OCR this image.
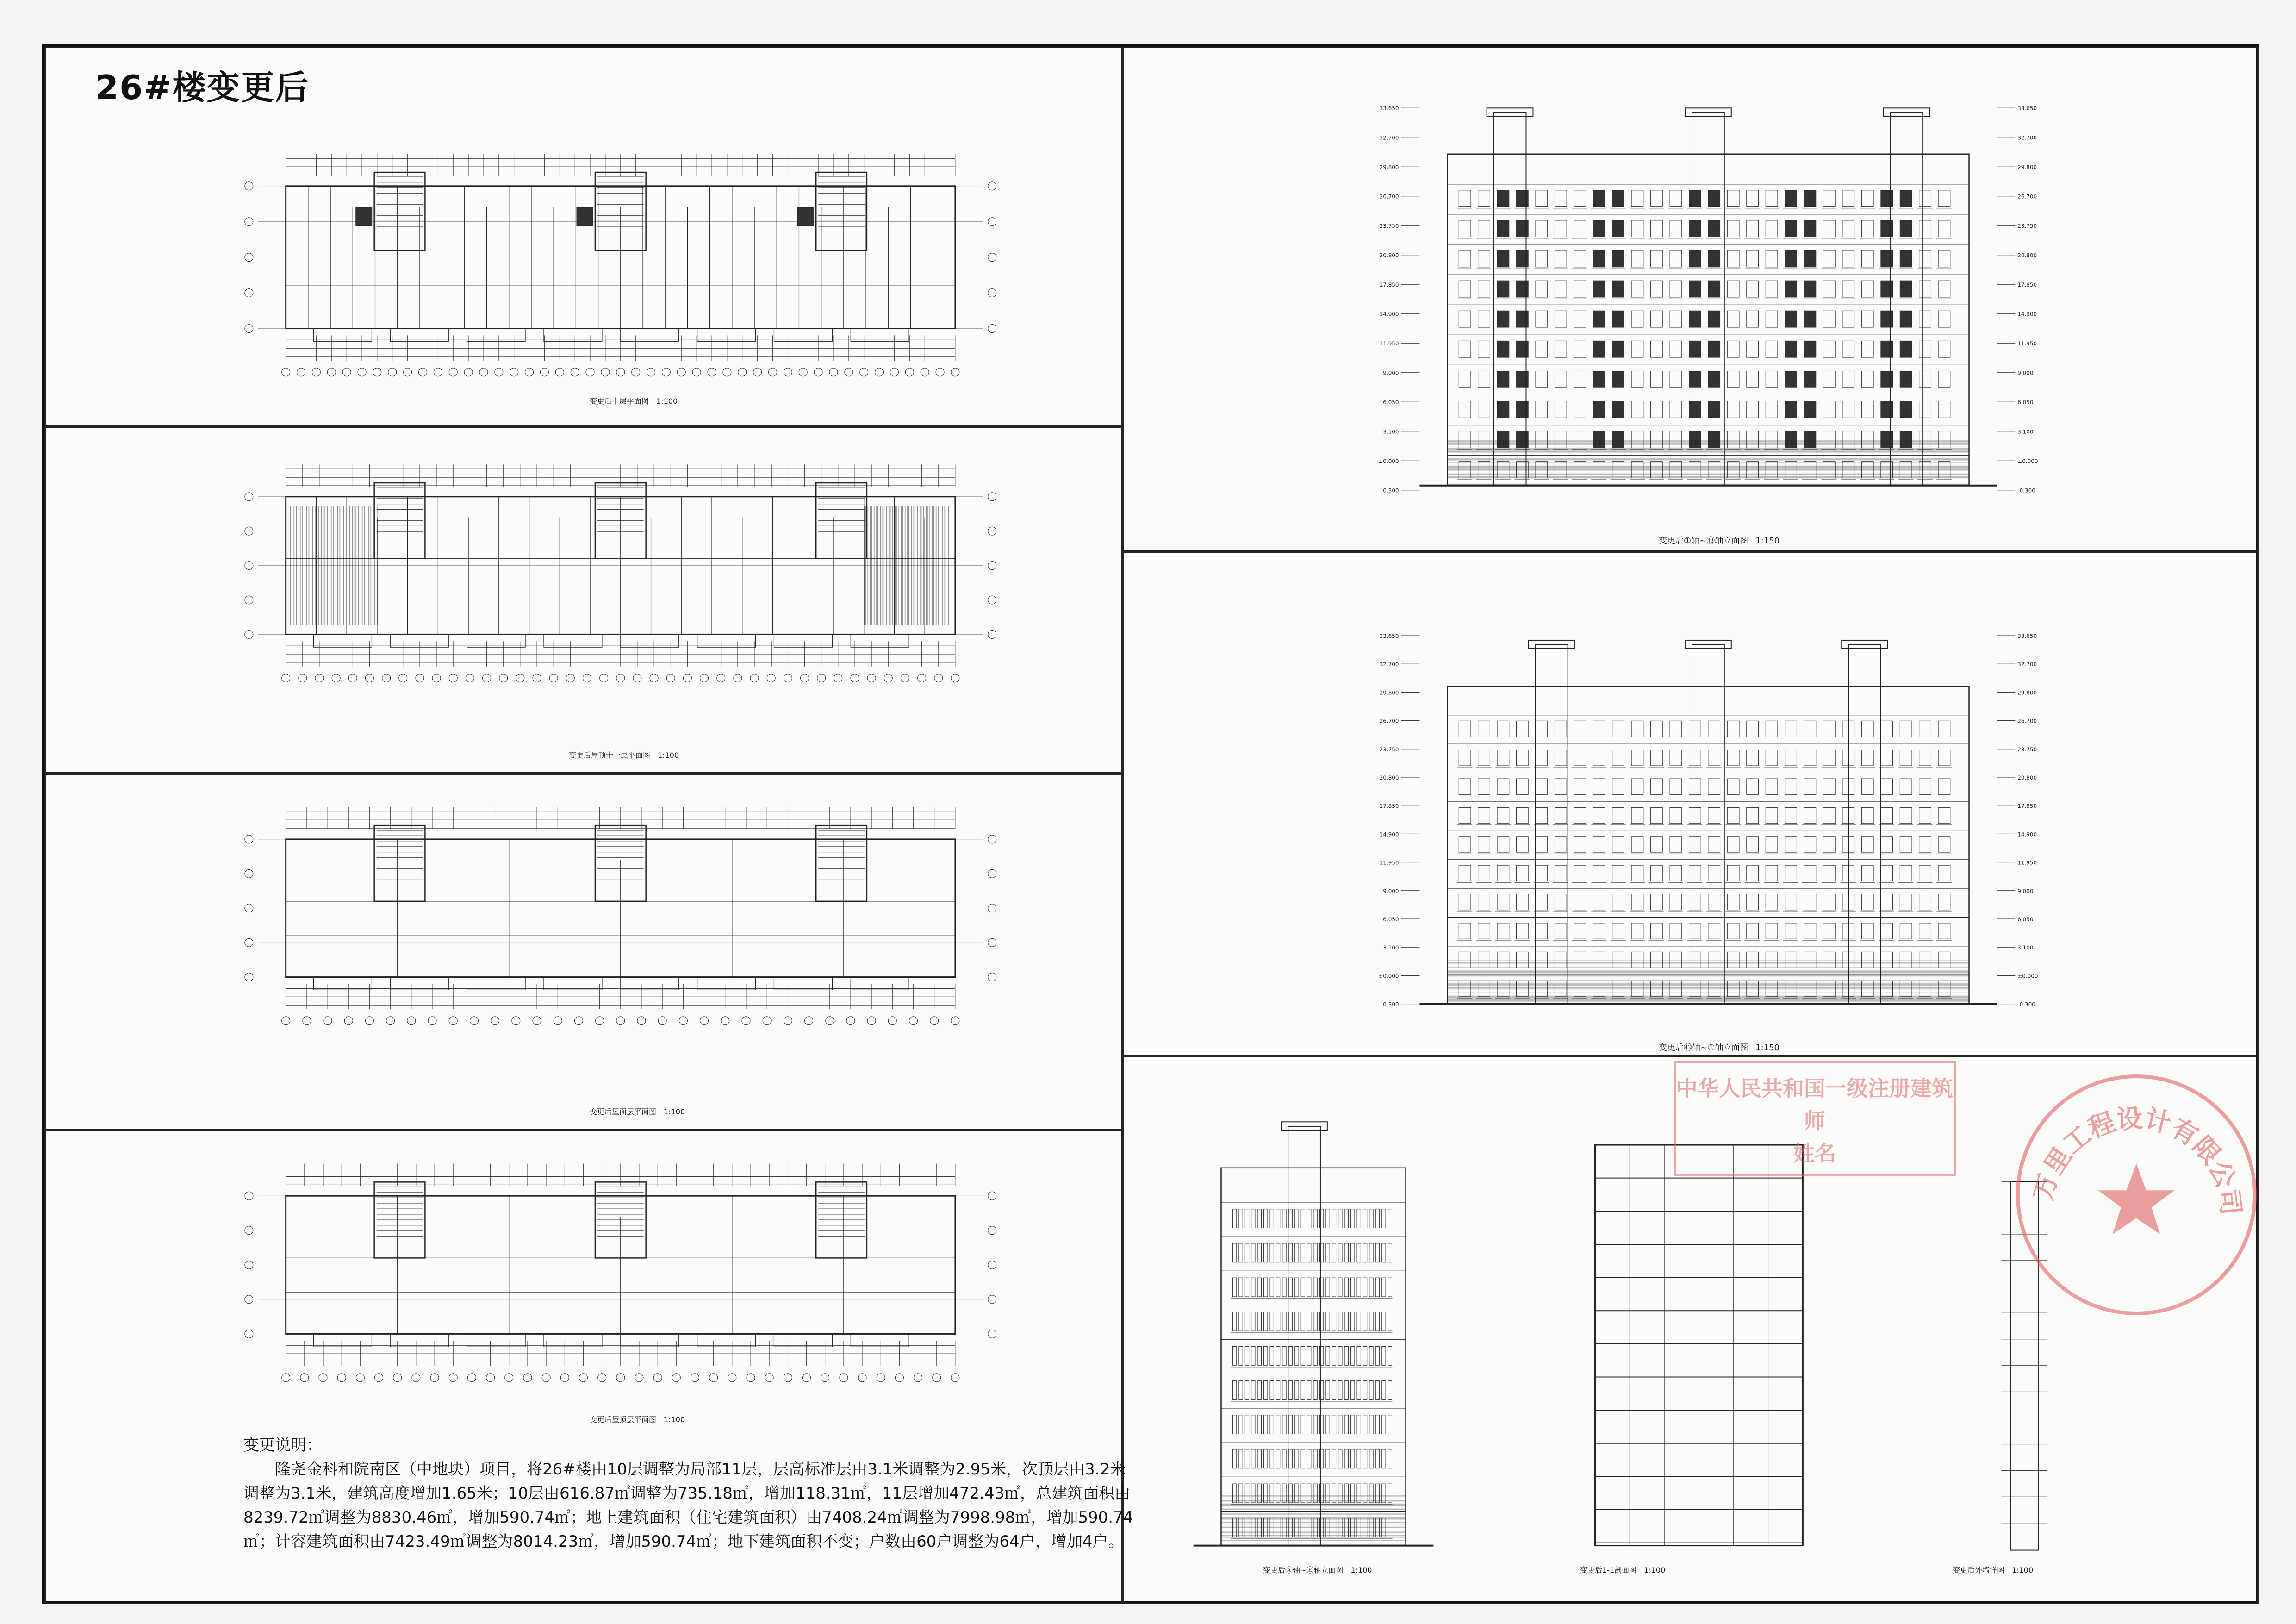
26#楼变更后
变更后十层平面图 1:100
变更后屋顶十一层平面图 1:100
变更后屋面层平面图 1:100
变更后屋顶层平面图 1:100
33.650
32.700
29.800
26.700
23.750
20.800
17.850
14.900
11.950
9.000
6.050
3.100
±0.000
-0.300
33.650
32.700
29.800
26.700
23.750
20.800
17.850
14.900
11.950
9.000
6.050
3.100
±0.000
-0.300
变更后①轴~㊸轴立面图 1:150
33.650
32.700
29.800
26.700
23.750
20.800
17.850
14.900
11.950
9.000
6.050
3.100
±0.000
-0.300
33.650
32.700
29.800
26.700
23.750
20.800
17.850
14.900
11.950
9.000
6.050
3.100
±0.000
-0.300
变更后㊸轴~①轴立面图 1:150
变更后Ⓐ轴~Ⓔ轴立面图 1:100	变更后1-1剖面图 1:100	变更后外墙详图 1:100
中华人民共和国一级注册建筑师
姓名
万里工程设计有限公司
变更说明：
隆尧金科和院南区（中地块）项目，将26#楼由10层调整为局部11层，层高标准层由3.1米调整为2.95米，次顶层由3.2米调整为3.1米，建筑高度增加1.65米；10层由616.87㎡调整为735.18㎡，增加118.31㎡，11层增加472.43㎡，总建筑面积由8239.72㎡调整为8830.46㎡，增加590.74㎡；地上建筑面积（住宅建筑面积）由7408.24㎡调整为7998.98㎡，增加590.74㎡；计容建筑面积由7423.49㎡调整为8014.23㎡，增加590.74㎡；地下建筑面积不变；户数由60户调整为64户，增加4户。
